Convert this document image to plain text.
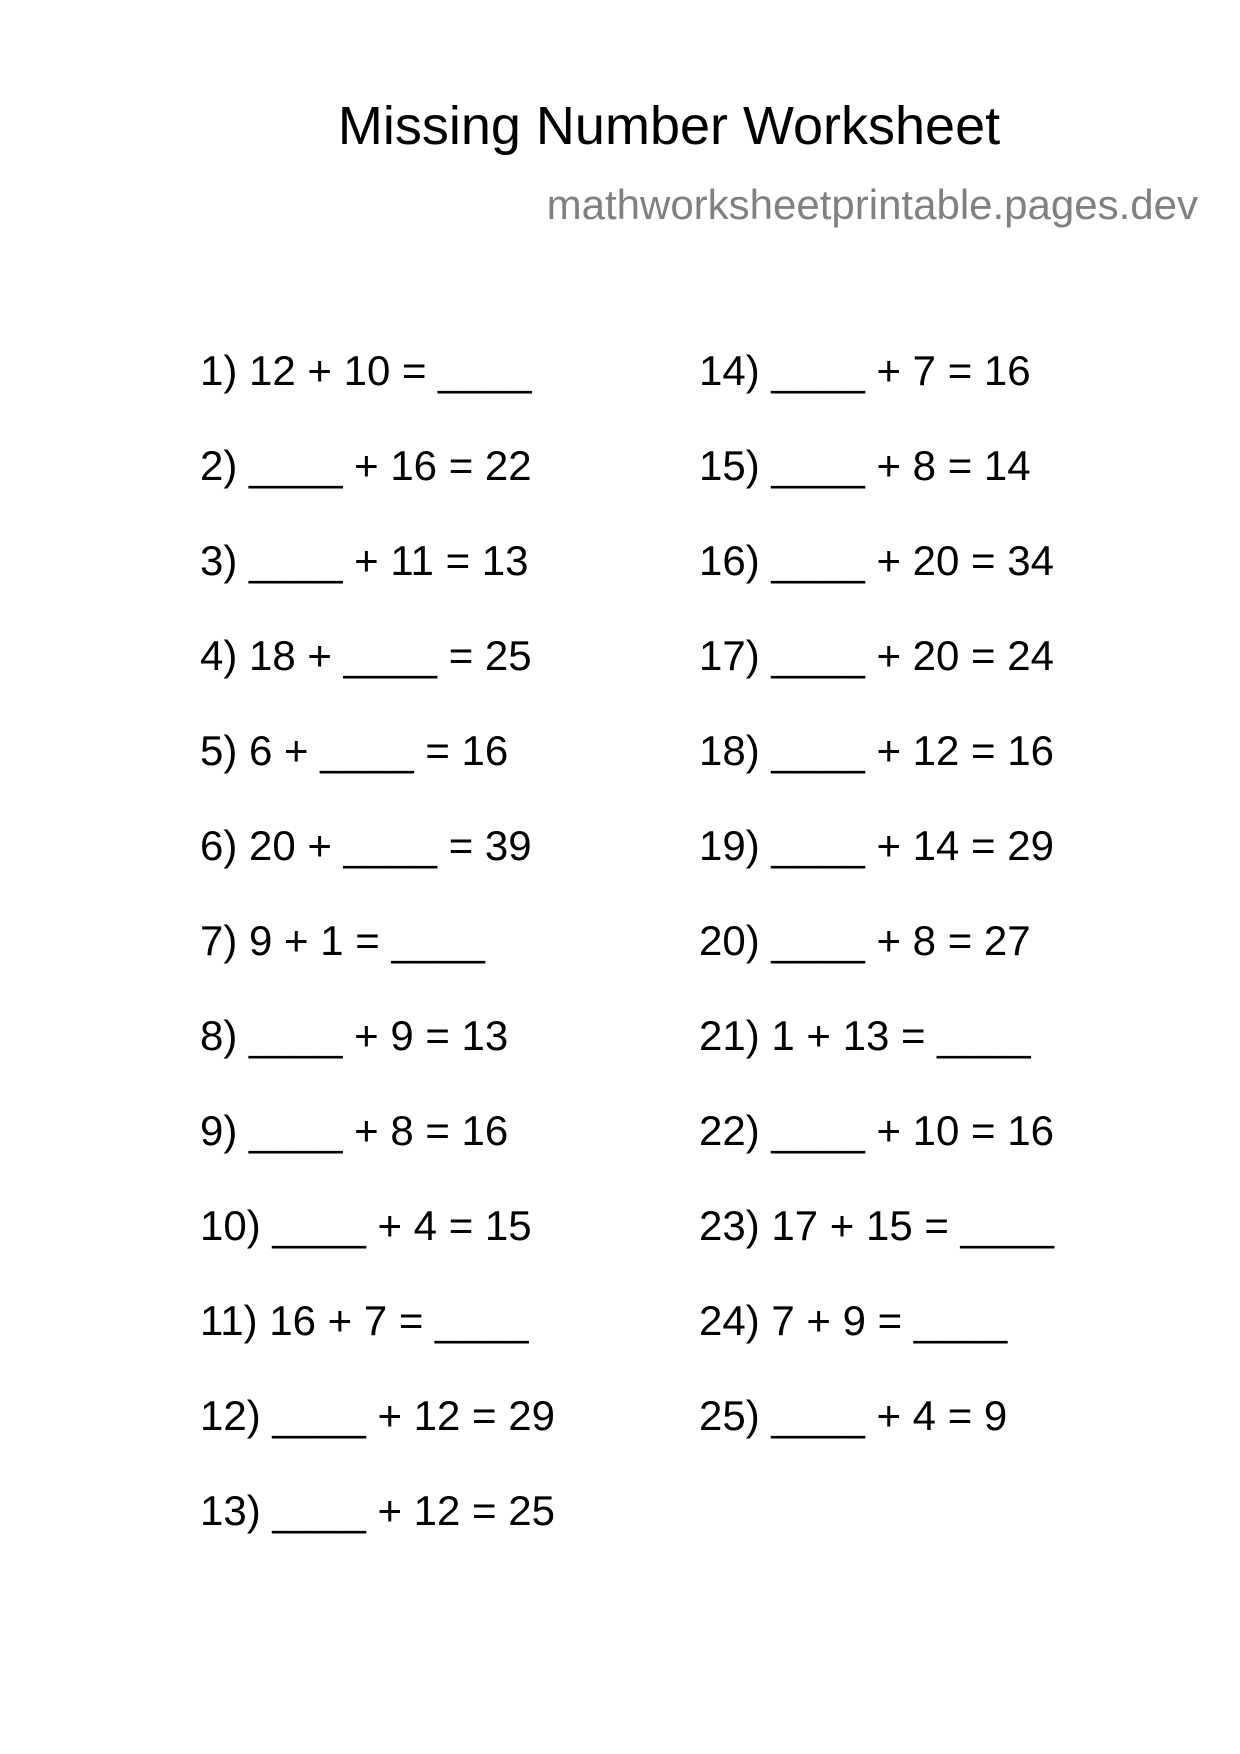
Missing Number Worksheet
mathworksheetprintable.pages.dev
1) 12 + 10 = ____
2) ____ + 16 = 22
3) ____ + 11 = 13
4) 18 + ____ = 25
5) 6 + ____ = 16
6) 20 + ____ = 39
7) 9 + 1 = ____
8) ____ + 9 = 13
9) ____ + 8 = 16
10) ____ + 4 = 15
11) 16 + 7 = ____
12) ____ + 12 = 29
13) ____ + 12 = 25
14) ____ + 7 = 16
15) ____ + 8 = 14
16) ____ + 20 = 34
17) ____ + 20 = 24
18) ____ + 12 = 16
19) ____ + 14 = 29
20) ____ + 8 = 27
21) 1 + 13 = ____
22) ____ + 10 = 16
23) 17 + 15 = ____
24) 7 + 9 = ____
25) ____ + 4 = 9
